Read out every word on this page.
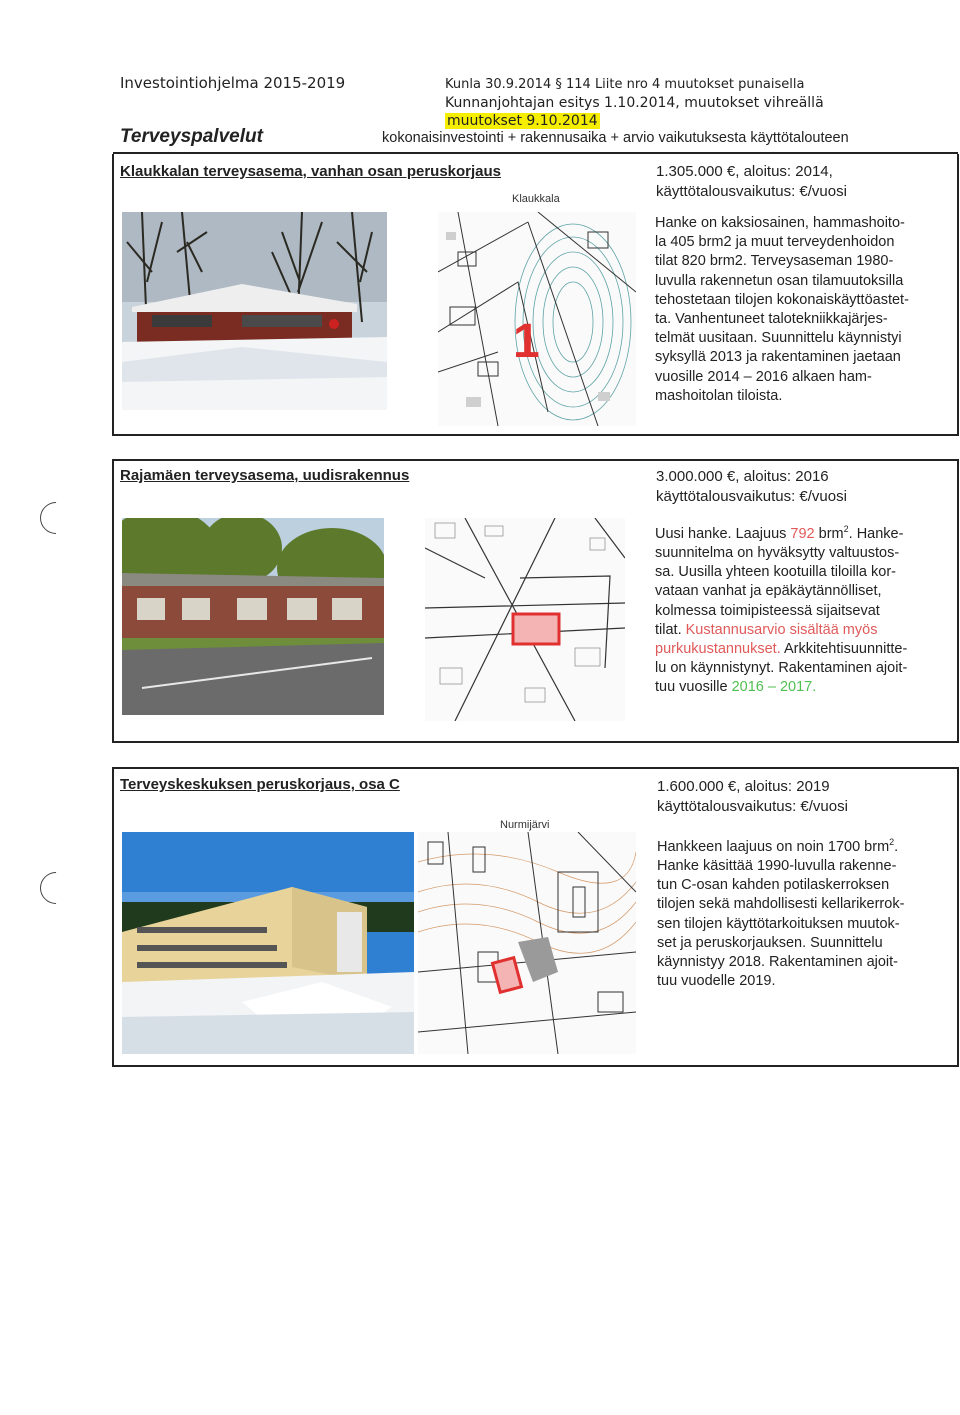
Investointiohjelma 2015-2019	Kunla 30.9.2014 § 114 Liite nro 4 muutokset punaisella
Kunnanjohtajan esitys 1.10.2014, muutokset vihreällä
muutokset 9.10.2014
Terveyspalvelut	kokonaisinvestointi + rakennusaika + arvio vaikutuksesta käyttötalouteen
Klaukkalan terveysasema, vanhan osan peruskorjaus
Klaukkala
1
1.305.000 €, aloitus: 2014,
käyttötalousvaikutus: €/vuosi
Hanke on kaksiosainen, hammashoito-
la 405 brm2 ja muut terveydenhoidon
tilat 820 brm2. Terveysaseman 1980-
luvulla rakennetun osan tilamuutoksilla
tehostetaan tilojen kokonaiskäyttöastet-
ta. Vanhentuneet talotekniikkajärjes-
telmät uusitaan. Suunnittelu käynnistyi
syksyllä 2013 ja rakentaminen jaetaan
vuosille 2014 – 2016 alkaen ham-
mashoitolan tiloista.
Rajamäen terveysasema, uudisrakennus	3.000.000 €, aloitus: 2016
käyttötalousvaikutus: €/vuosi
Uusi hanke. Laajuus 792 brm$^2$. Hanke-
suunnitelma on hyväksytty valtuustos-
sa. Uusilla yhteen kootuilla tiloilla kor-
vataan vanhat ja epäkäytännölliset,
kolmessa toimipisteessä sijaitsevat
tilat. Kustannusarvio sisältää myös
purkukustannukset. Arkkitehtisuunnitte-
lu on käynnistynyt. Rakentaminen ajoit-
tuu vuosille 2016 – 2017.
Terveyskeskuksen peruskorjaus, osa C
Nurmijärvi
1.600.000 €, aloitus: 2019
käyttötalousvaikutus: €/vuosi
Hankkeen laajuus on noin 1700 brm$^2$.
Hanke käsittää 1990-luvulla rakenne-
tun C-osan kahden potilaskerroksen
tilojen sekä mahdollisesti kellarikerrok-
sen tilojen käyttötarkoituksen muutok-
set ja peruskorjauksen. Suunnittelu
käynnistyy 2018. Rakentaminen ajoit-
tuu vuodelle 2019.
